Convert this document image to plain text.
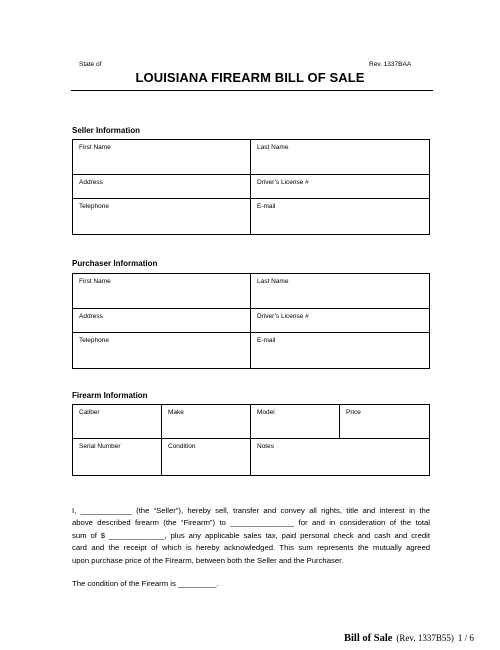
State of	Rev. 1337BAA
LOUISIANA FIREARM BILL OF SALE
Seller Information
First Name	Last Name
Address	Driver’s License #
Telephone	E-mail
Purchaser Information
First Name	Last Name
Address	Driver’s License #
Telephone	E-mail
Firearm Information
Caliber	Make	Model	Price
Serial Number	Condition	Notes
I, ____________ (the “Seller”), hereby sell, transfer and convey all rights, title and interest in the
above described firearm (the “Firearm”) to _______________ for and in consideration of the total
sum of $ _____________, plus any applicable sales tax, paid personal check and cash and credit
card and the receipt of which is hereby acknowledged. This sum represents the mutually agreed
upon purchase price of the Firearm, between both the Seller and the Purchaser.
The condition of the Firearm is _________.
Bill of Sale (Rev. 1337B55) 1 / 6
